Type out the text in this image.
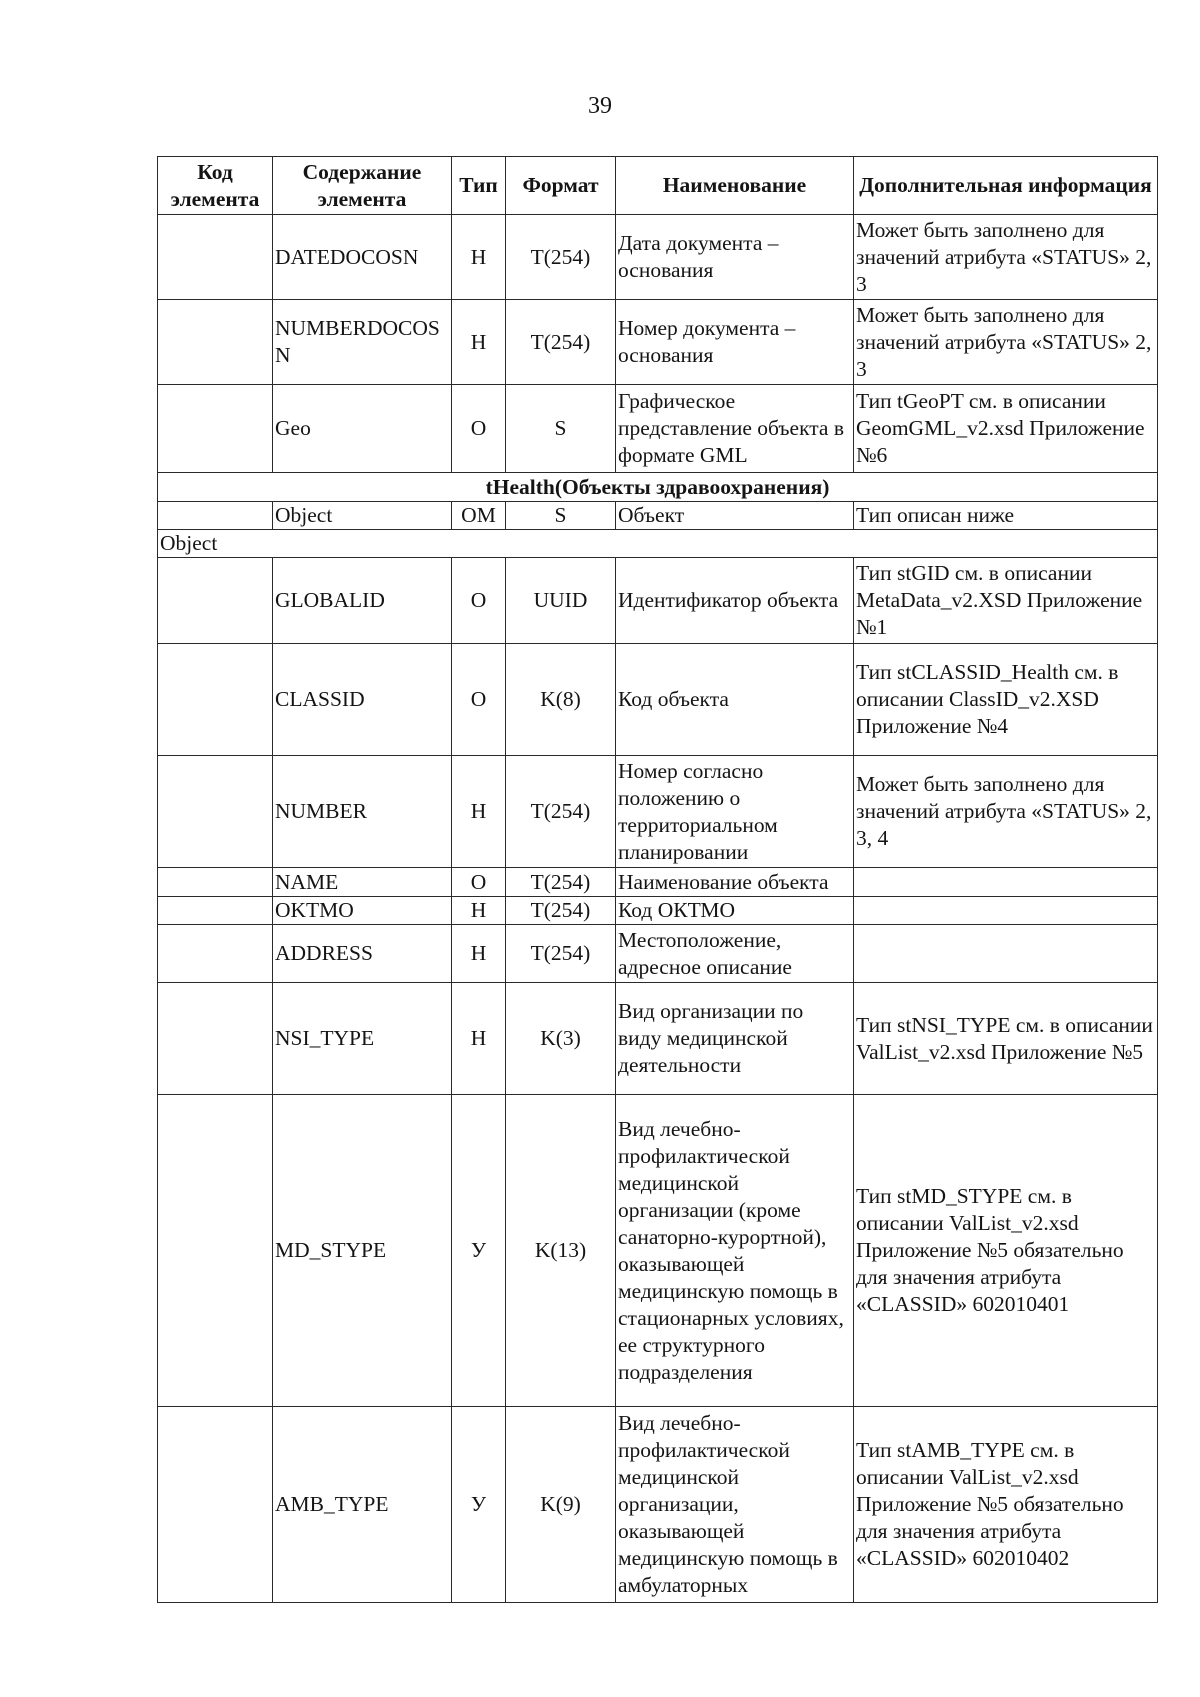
39
Код элемента	Содержание элемента	Тип	Формат	Наименование	Дополнительная информация
	DATEDOCOSN	Н	T(254)	Дата документа – основания	Может быть заполнено для значений атрибута «STATUS» 2, 3
	NUMBERDOCOSN	Н	T(254)	Номер документа – основания	Может быть заполнено для значений атрибута «STATUS» 2, 3
	Geo	О	S	Графическое представление объекта в формате GML	Тип tGeoPT см. в описании GeomGML_v2.xsd Приложение №6
tHealth(Объекты здравоохранения)					
	Object	ОМ	S	Объект	Тип описан ниже
Object					
	GLOBALID	О	UUID	Идентификатор объекта	Тип stGID см. в описании MetaData_v2.XSD Приложение №1
	CLASSID	О	K(8)	Код объекта	Тип stCLASSID_Health см. в описании ClassID_v2.XSD Приложение №4
	NUMBER	Н	T(254)	Номер согласно положению о территориальном планировании	Может быть заполнено для значений атрибута «STATUS» 2, 3, 4
	NAME	О	T(254)	Наименование объекта	
	OKTMO	Н	T(254)	Код ОКТМО	
	ADDRESS	Н	T(254)	Местоположение, адресное описание	
	NSI_TYPE	Н	K(3)	Вид организации по виду медицинской деятельности	Тип stNSI_TYPE см. в описании ValList_v2.xsd Приложение №5
	MD_STYPE	У	K(13)	Вид лечебно-профилактической медицинской организации (кроме санаторно-курортной), оказывающей медицинскую помощь в стационарных условиях, ее структурного подразделения	Тип stMD_STYPE см. в описании ValList_v2.xsd Приложение №5 обязательно для значения атрибута «CLASSID» 602010401
	AMB_TYPE	У	K(9)	Вид лечебно-профилактической медицинской организации, оказывающей медицинскую помощь в амбулаторных	Тип stAMB_TYPE см. в описании ValList_v2.xsd Приложение №5 обязательно для значения атрибута «CLASSID» 602010402
